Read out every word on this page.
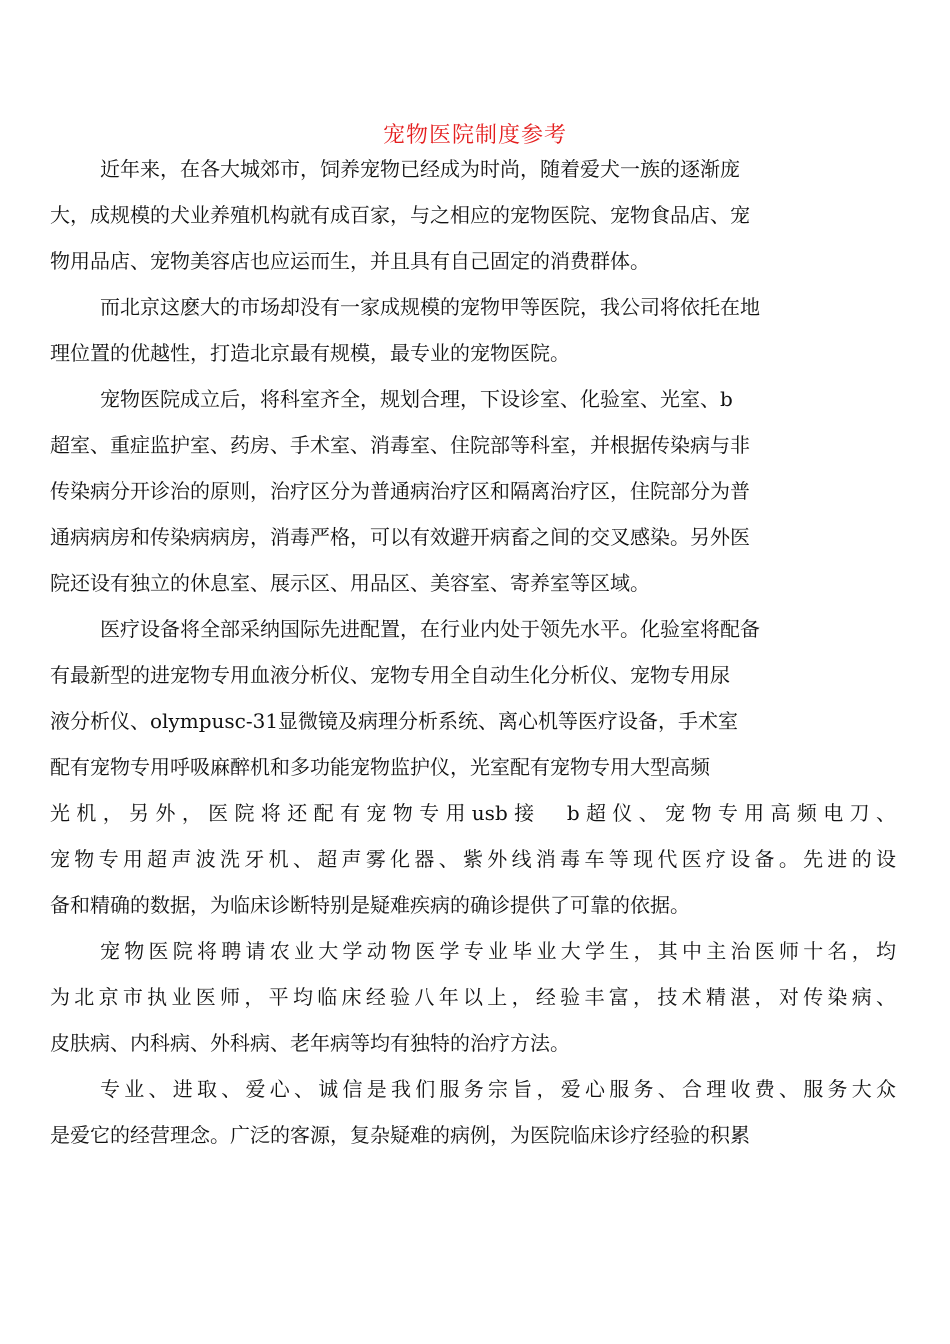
宠物医院制度参考
近年来，在各大城郊市，饲养宠物已经成为时尚，随着爱犬一族的逐渐庞
大，成规模的犬业养殖机构就有成百家，与之相应的宠物医院、宠物食品店、宠
物用品店、宠物美容店也应运而生，并且具有自己固定的消费群体。
而北京这麽大的市场却没有一家成规模的宠物甲等医院，我公司将依托在地
理位置的优越性，打造北京最有规模，最专业的宠物医院。
宠物医院成立后，将科室齐全，规划合理，下设诊室、化验室、光室、b
超室、重症监护室、药房、手术室、消毒室、住院部等科室，并根据传染病与非
传染病分开诊治的原则，治疗区分为普通病治疗区和隔离治疗区，住院部分为普
通病病房和传染病病房，消毒严格，可以有效避开病畜之间的交叉感染。另外医
院还设有独立的休息室、展示区、用品区、美容室、寄养室等区域。
医疗设备将全部采纳国际先进配置，在行业内处于领先水平。化验室将配备
有最新型的进宠物专用血液分析仪、宠物专用全自动生化分析仪、宠物专用尿
液分析仪、olympusc-31显微镜及病理分析系统、离心机等医疗设备，手术室
配有宠物专用呼吸麻醉机和多功能宠物监护仪，光室配有宠物专用大型高频
光机，另外，医院将还配有宠物专用usb接　b超仪、宠物专用高频电刀、
宠物专用超声波洗牙机、超声雾化器、紫外线消毒车等现代医疗设备。先进的设
备和精确的数据，为临床诊断特别是疑难疾病的确诊提供了可靠的依据。
宠物医院将聘请农业大学动物医学专业毕业大学生，其中主治医师十名，均
为北京市执业医师，平均临床经验八年以上，经验丰富，技术精湛，对传染病、
皮肤病、内科病、外科病、老年病等均有独特的治疗方法。
专业、进取、爱心、诚信是我们服务宗旨，爱心服务、合理收费、服务大众
是爱它的经营理念。广泛的客源，复杂疑难的病例，为医院临床诊疗经验的积累
